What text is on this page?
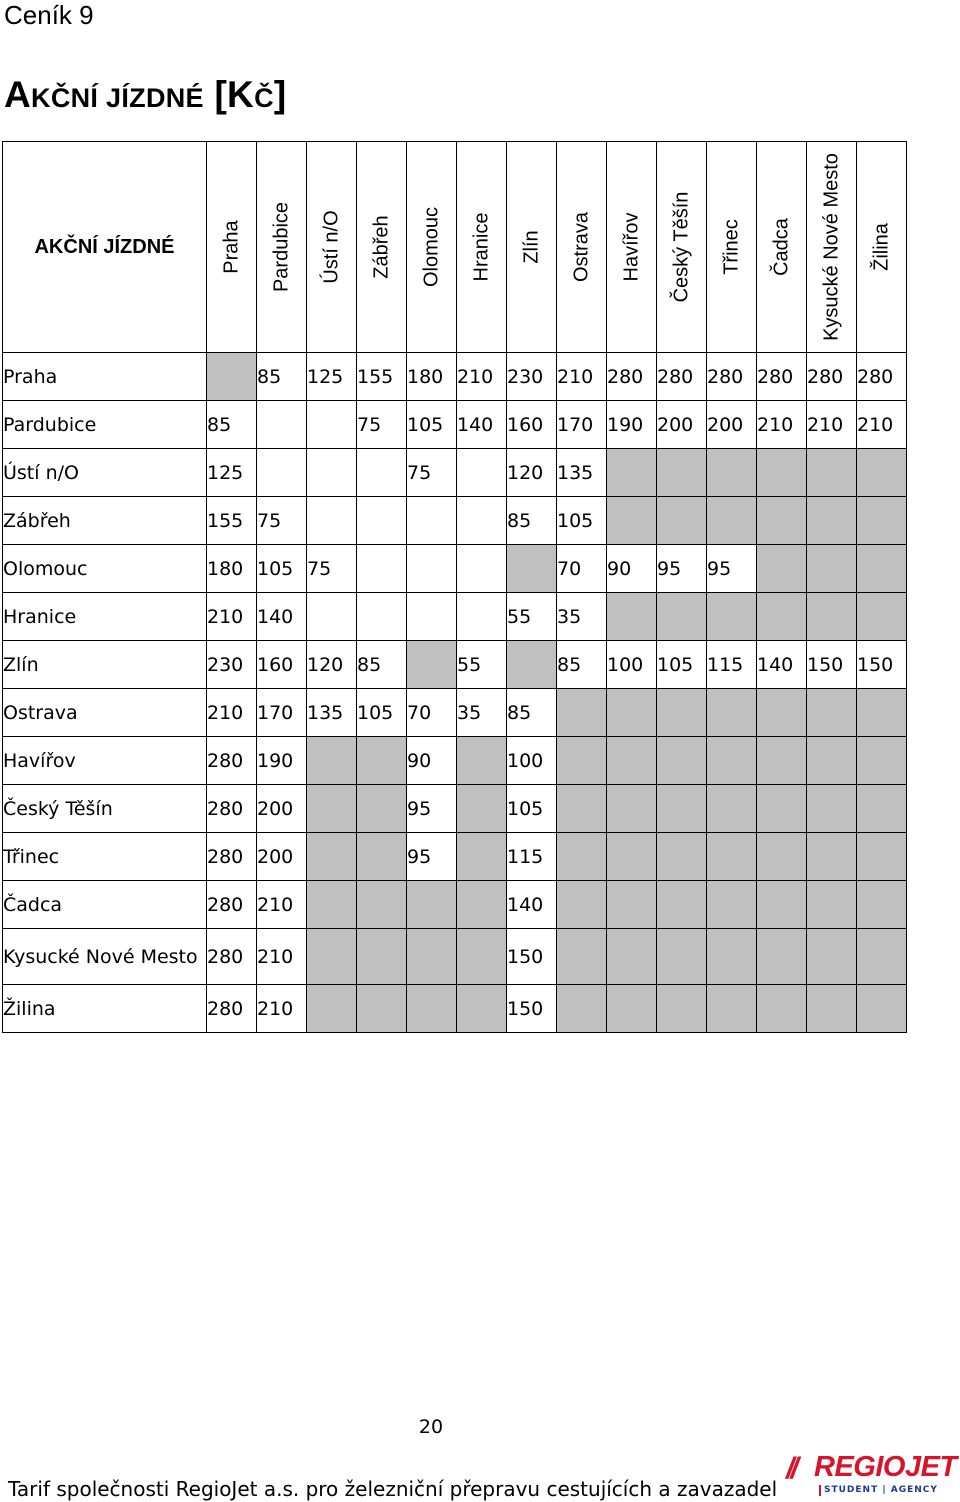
Ceník 9
AKČNÍ JÍZDNÉ [KČ]
AKČNÍ JÍZDNÉ	Praha	Pardubice	Ústí n/O	Zábřeh	Olomouc	Hranice	Zlín	Ostrava	Havířov	Český Těšín	Třinec	Čadca	Kysucké Nové Mesto	Žilina

Praha		85	125	155	180	210	230	210	280	280	280	280	280	280
Pardubice	85			75	105	140	160	170	190	200	200	210	210	210
Ústí n/O	125				75		120	135						
Zábřeh	155	75					85	105						
Olomouc	180	105	75					70	90	95	95			
Hranice	210	140					55	35						
Zlín	230	160	120	85		55		85	100	105	115	140	150	150
Ostrava	210	170	135	105	70	35	85							
Havířov	280	190			90		100							
Český Těšín	280	200			95		105							
Třinec	280	200			95		115							
Čadca	280	210					140							
Kysucké Nové Mesto	280	210					150							
Žilina	280	210					150							
20
Tarif společnosti RegioJet a.s. pro železniční přepravu cestujících a zavazadel
// REGIOJET
STUDENT | AGENCY
